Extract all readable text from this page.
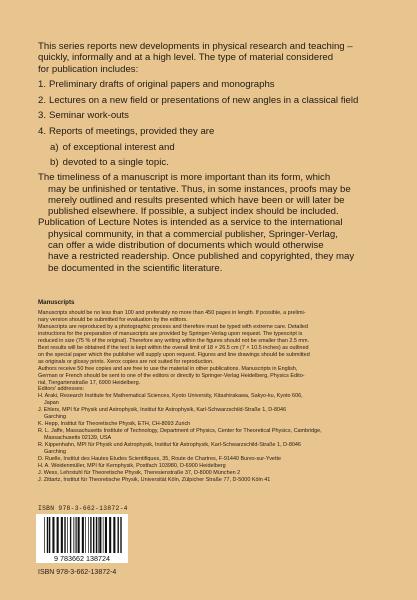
This series reports new developments in physical research and teaching –
quickly, informally and at a high level. The type of material considered
for publication includes:
1. Preliminary drafts of original papers and monographs
2. Lectures on a new field or presentations of new angles in a classical field
3. Seminar work-outs
4. Reports of meetings, provided they are
a) of exceptional interest and
b) devoted to a single topic.
The timeliness of a manuscript is more important than its form, which
may be unfinished or tentative. Thus, in some instances, proofs may be
merely outlined and results presented which have been or will later be
published elsewhere. If possible, a subject index should be included.
Publication of Lecture Notes is intended as a service to the international
physical community, in that a commercial publisher, Springer-Verlag,
can offer a wide distribution of documents which would otherwise
have a restricted readership. Once published and copyrighted, they may
be documented in the scientific literature.
Manuscripts
Manuscripts should be no less than 100 and preferably no more than 450 pages in length. If possible, a prelimi-
nary version should be submitted for evaluation by the editors.
Manuscripts are reproduced by a photographic process and therefore must be typed with extreme care. Detailed
instructions for the preparation of manuscripts are provided by Springer-Verlag upon request. The typescript is
reduced in size (75 % of the original). Therefore any writing within the figures should not be smaller than 2.5 mm.
Best results will be obtained if the text is kept within the overall limit of 18 × 26.5 cm (7 × 10.5 inches) as outlined
on the special paper which the publisher will supply upon request. Figures and line drawings should be submitted
as originals or glossy prints. Xerox copies are not suited for reproduction.
Authors receive 50 free copies and are free to use the material in other publications. Manuscripts in English,
German or French should be sent to one of the editors or directly to Springer-Verlag Heidelberg, Physics Edito-
rial, Tiergartenstraße 17, 6900 Heidelberg.
Editors' addresses:
H. Araki, Research Institute for Mathematical Sciences, Kyoto University, Kitashirakawa, Sakyo-ku, Kyoto 606,
Japan
J. Ehlers, MPI für Physik und Astrophysik, Institut für Astrophysik, Karl-Schwarzschild-Straße 1, D-8046
Garching
K. Hepp, Institut für Theoretische Physik, ETH, CH-8093 Zurich
R. L. Jaffe, Massachusetts Institute of Technology, Department of Physics, Center for Theoretical Physics, Cambridge,
Massachusetts 02139, USA
R. Kippenhahn, MPI für Physik und Astrophysik, Institut für Astrophysik, Karl-Schwarzschild-Straße 1, D-8046
Garching
D. Ruelle, Institut des Hautes Etudes Scientifiques, 35, Route de Chartres, F-91440 Bures-sur-Yvette
H. A. Weidenmüller, MPI für Kernphysik, Postfach 103980, D-6900 Heidelberg
J. Wess, Lehrstuhl für Theoretische Physik, Theresienstraße 37, D-8000 München 2
J. Zittartz, Institut für Theoretische Physik, Universität Köln, Zülpicher Straße 77, D-5000 Köln 41
ISBN 978-3-662-13872-4
9 783662 138724
ISBN 978-3-662-13872-4
